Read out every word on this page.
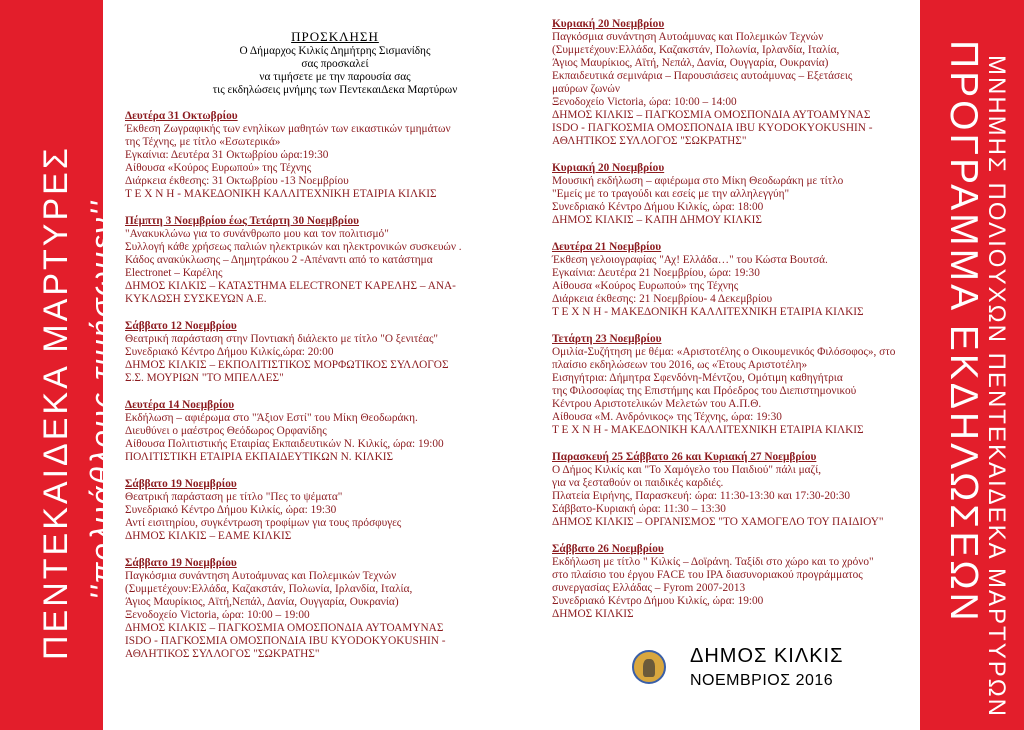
ΠΕΝΤΕΚΑΙΔΕΚΑ ΜΑΡΤΥΡΕΣ … ''πολυάθλους τιμήσωμεν''	ΠΡΟΓΡΑΜΜΑ ΕΚΔΗΛΩΣΕΩΝ
ΜΝΗΜΗΣ ΠΟΛΙΟΥΧΩΝ ΠΕΝΤΕΚΑΙΔΕΚΑ ΜΑΡΤΥΡΩΝ
ΠΡΟΣΚΛΗΣΗ
Ο Δήμαρχος Κιλκίς Δημήτρης Σισμανίδης
σας προσκαλεί
να τιμήσετε με την παρουσία σας
τις εκδηλώσεις μνήμης των ΠεντεκαιΔεκα Μαρτύρων
Δευτέρα 31 Οκτωβρίου
Έκθεση Ζωγραφικής των ενηλίκων μαθητών των εικαστικών τμημάτων
της Τέχνης, με τίτλο «Εσωτερικά»
Εγκαίνια: Δευτέρα 31 Οκτωβρίου ώρα:19:30
Αίθουσα «Κούρος Ευρωπού» της Τέχνης
Διάρκεια έκθεσης: 31 Οκτωβρίου -13 Νοεμβρίου
Τ Ε Χ Ν Η - ΜΑΚΕΔΟΝΙΚΗ ΚΑΛΛΙΤΕΧΝΙΚΗ ΕΤΑΙΡΙΑ ΚΙΛΚΙΣ
Πέμπτη 3 Νοεμβρίου έως Τετάρτη 30 Νοεμβρίου
"Ανακυκλώνω για το συνάνθρωπο μου και τον πολιτισμό"
Συλλογή κάθε χρήσεως παλιών ηλεκτρικών και ηλεκτρονικών συσκευών .
Κάδος ανακύκλωσης – Δημητράκου 2 -Απέναντι από το κατάστημα
Electronet – Καρέλης
ΔΗΜΟΣ ΚΙΛΚΙΣ – ΚΑΤΑΣΤΗΜΑ ELECTRONET ΚΑΡΕΛΗΣ – ΑΝΑ-
ΚΥΚΛΩΣΗ ΣΥΣΚΕΥΩΝ Α.Ε.
Σάββατο 12 Νοεμβρίου
Θεατρική παράσταση στην Ποντιακή διάλεκτο με τίτλο "Ο ξενιτέας"
Συνεδριακό Κέντρο Δήμου Κιλκίς,ώρα: 20:00
ΔΗΜΟΣ ΚΙΛΚΙΣ – ΕΚΠΟΛΙΤΙΣΤΙΚΟΣ ΜΟΡΦΩΤΙΚΟΣ ΣΥΛΛΟΓΟΣ
Σ.Σ. ΜΟΥΡΙΩΝ "ΤΟ ΜΠΕΛΛΕΣ"
Δευτέρα 14 Νοεμβρίου
Εκδήλωση – αφιέρωμα στο "Άξιον Εστί" του Μίκη Θεοδωράκη.
Διευθύνει ο μαέστρος Θεόδωρος Ορφανίδης
Αίθουσα Πολιτιστικής Εταιρίας Εκπαιδευτικών Ν. Κιλκίς, ώρα: 19:00
ΠΟΛΙΤΙΣΤΙΚΗ ΕΤΑΙΡΙΑ ΕΚΠΑΙΔΕΥΤΙΚΩΝ Ν. ΚΙΛΚΙΣ
Σάββατο 19 Νοεμβρίου
Θεατρική παράσταση με τίτλο "Πες το ψέματα"
Συνεδριακό Κέντρο Δήμου Κιλκίς, ώρα: 19:30
Αντί εισιτηρίου, συγκέντρωση τροφίμων για τους πρόσφυγες
ΔΗΜΟΣ ΚΙΛΚΙΣ – ΕΑΜΕ ΚΙΛΚΙΣ
Σάββατο 19 Νοεμβρίου
Παγκόσμια συνάντηση Αυτοάμυνας και Πολεμικών Τεχνών
(Συμμετέχουν:Ελλάδα, Καζακστάν, Πολωνία, Ιρλανδία, Ιταλία,
Άγιος Μαυρίκιος, Αϊτή,Νεπάλ, Δανία, Ουγγαρία, Ουκρανία)
Ξενοδοχείο Victoria, ώρα: 10:00 – 19:00
ΔΗΜΟΣ ΚΙΛΚΙΣ – ΠΑΓΚΟΣΜΙΑ ΟΜΟΣΠΟΝΔΙΑ ΑΥΤΟΑΜΥΝΑΣ
ISDO - ΠΑΓΚΟΣΜΙΑ ΟΜΟΣΠΟΝΔΙΑ IBU KYODOKYOKUSHIN -
ΑΘΛΗΤΙΚΟΣ ΣΥΛΛΟΓΟΣ "ΣΩΚΡΑΤΗΣ"
Κυριακή 20 Νοεμβρίου
Παγκόσμια συνάντηση Αυτοάμυνας και Πολεμικών Τεχνών
(Συμμετέχουν:Ελλάδα, Καζακστάν, Πολωνία, Ιρλανδία, Ιταλία,
Άγιος Μαυρίκιος, Αϊτή, Νεπάλ, Δανία, Ουγγαρία, Ουκρανία)
Εκπαιδευτικά σεμινάρια – Παρουσιάσεις αυτοάμυνας – Εξετάσεις
μαύρων ζωνών
Ξενοδοχείο Victoria, ώρα: 10:00 – 14:00
ΔΗΜΟΣ ΚΙΛΚΙΣ – ΠΑΓΚΟΣΜΙΑ ΟΜΟΣΠΟΝΔΙΑ ΑΥΤΟΑΜΥΝΑΣ
ISDO - ΠΑΓΚΟΣΜΙΑ ΟΜΟΣΠΟΝΔΙΑ IBU KYODOKYOKUSHIN -
ΑΘΛΗΤΙΚΟΣ ΣΥΛΛΟΓΟΣ "ΣΩΚΡΑΤΗΣ"
Κυριακή 20 Νοεμβρίου
Μουσική εκδήλωση – αφιέρωμα στο Μίκη Θεοδωράκη με τίτλο
"Εμείς με το τραγούδι και εσείς με την αλληλεγγύη"
Συνεδριακό Κέντρο Δήμου Κιλκίς, ώρα: 18:00
ΔΗΜΟΣ ΚΙΛΚΙΣ – ΚΑΠΗ ΔΗΜΟΥ ΚΙΛΚΙΣ
Δευτέρα 21 Νοεμβρίου
Έκθεση γελοιογραφίας "Αχ! Ελλάδα…" του Κώστα Βουτσά.
Εγκαίνια: Δευτέρα 21 Νοεμβρίου, ώρα: 19:30
Αίθουσα «Κούρος Ευρωπού» της Τέχνης
Διάρκεια έκθεσης: 21 Νοεμβρίου- 4 Δεκεμβρίου
Τ Ε Χ Ν Η - ΜΑΚΕΔΟΝΙΚΗ ΚΑΛΛΙΤΕΧΝΙΚΗ ΕΤΑΙΡΙΑ ΚΙΛΚΙΣ
Τετάρτη 23 Νοεμβρίου
Ομιλία-Συζήτηση με θέμα: «Αριστοτέλης ο Οικουμενικός Φιλόσοφος», στο
πλαίσιο εκδηλώσεων του 2016, ως «Έτους Αριστοτέλη»
Εισηγήτρια: Δήμητρα Σφενδόνη-Μέντζου, Ομότιμη καθηγήτρια
της Φιλοσοφίας της Επιστήμης και Πρόεδρος του Διεπιστημονικού
Κέντρου Αριστοτελικών Μελετών του Α.Π.Θ.
Αίθουσα «Μ. Ανδρόνικος» της Τέχνης, ώρα: 19:30
Τ Ε Χ Ν Η - ΜΑΚΕΔΟΝΙΚΗ ΚΑΛΛΙΤΕΧΝΙΚΗ ΕΤΑΙΡΙΑ ΚΙΛΚΙΣ
Παρασκευή 25 Σάββατο 26 και Κυριακή 27 Νοεμβρίου
Ο Δήμος Κιλκίς και "Το Χαμόγελο του Παιδιού" πάλι μαζί,
για να ξεσταθούν οι παιδικές καρδιές.
Πλατεία Ειρήνης, Παρασκευή: ώρα: 11:30-13:30 και 17:30-20:30
Σάββατο-Κυριακή ώρα: 11:30 – 13:30
ΔΗΜΟΣ ΚΙΛΚΙΣ – ΟΡΓΑΝΙΣΜΟΣ "ΤΟ ΧΑΜΟΓΕΛΟ ΤΟΥ ΠΑΙΔΙΟΥ"
Σάββατο 26 Νοεμβρίου
Εκδήλωση με τίτλο " Κιλκίς – Δοϊράνη. Ταξίδι στο χώρο και το χρόνο"
στο πλαίσιο του έργου FACE του IPA διασυνοριακού προγράμματος
συνεργασίας Ελλάδας – Fyrom 2007-2013
Συνεδριακό Κέντρο Δήμου Κιλκίς, ώρα: 19:00
ΔΗΜΟΣ ΚΙΛΚΙΣ
ΔΗΜΟΣ ΚΙΛΚΙΣ
ΝΟΕΜΒΡΙΟΣ 2016
